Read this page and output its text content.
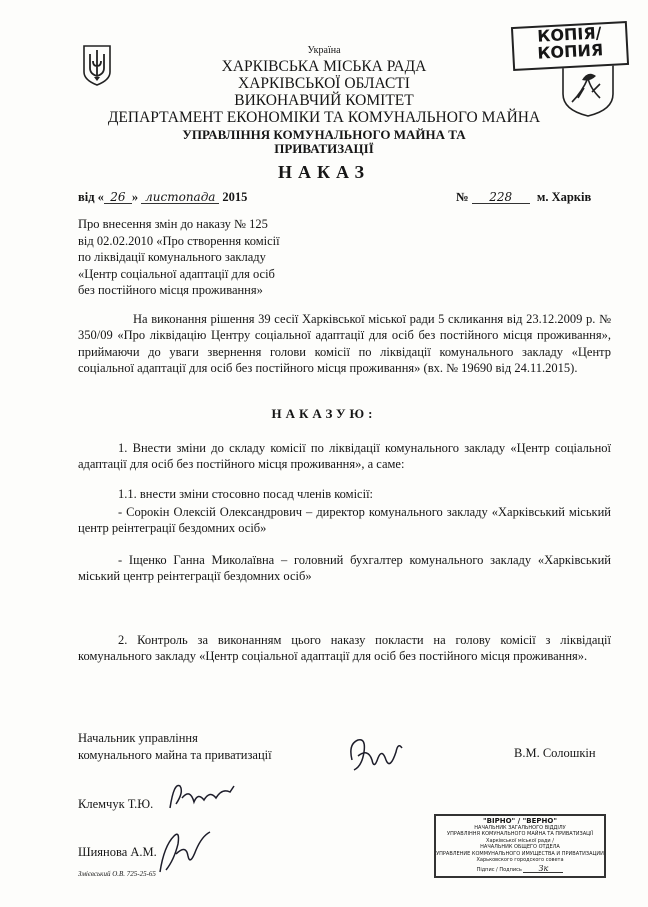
КОПІЯ/
КОПИЯ
Україна
ХАРКІВСЬКА МІСЬКА РАДА
ХАРКІВСЬКОЇ ОБЛАСТІ
ВИКОНАВЧИЙ КОМІТЕТ
ДЕПАРТАМЕНТ ЕКОНОМІКИ ТА КОМУНАЛЬНОГО МАЙНА
УПРАВЛІННЯ КОМУНАЛЬНОГО МАЙНА ТА
ПРИВАТИЗАЦІЇ
НАКАЗ
від « 26 » листопада 2015	№ 228 м. Харків
Про внесення змін до наказу № 125
від 02.02.2010 «Про створення комісії
по ліквідації комунального закладу
«Центр соціальної адаптації для осіб
без постійного місця проживання»
На виконання рішення 39 сесії Харківської міської ради 5 скликання від 23.12.2009 р. № 350/09 «Про ліквідацію Центру соціальної адаптації для осіб без постійного місця проживання», приймаючи до уваги звернення голови комісії по ліквідації комунального закладу «Центр соціальної адаптації для осіб без постійного місця проживання» (вх. № 19690 від 24.11.2015).
НАКАЗУЮ:
1. Внести зміни до складу комісії по ліквідації комунального закладу «Центр соціальної адаптації для осіб без постійного місця проживання», а саме:
1.1. внести зміни стосовно посад членів комісії:
- Сорокін Олексій Олександрович – директор комунального закладу «Харківський міський центр реінтеграції бездомних осіб»
- Іщенко Ганна Миколаївна – головний бухгалтер комунального закладу «Харківський міський центр реінтеграції бездомних осіб»
2. Контроль за виконанням цього наказу покласти на голову комісії з ліквідації комунального закладу «Центр соціальної адаптації для осіб без постійного місця проживання».
Начальник управління
комунального майна та приватизації	В.М. Солошкін
Клемчук Т.Ю.
Шиянова А.М.
Змієвський О.В. 725-25-65
"ВІРНО" / "ВЕРНО"
НАЧАЛЬНИК ЗАГАЛЬНОГО ВІДДІЛУ
УПРАВЛІННЯ КОМУНАЛЬНОГО МАЙНА ТА ПРИВАТИЗАЦІЇ
Харківської міської ради /
НАЧАЛЬНИК ОБЩЕГО ОТДЕЛА
УПРАВЛЕНИЕ КОММУНАЛЬНОГО ИМУЩЕСТВА И ПРИВАТИЗАЦИИ
Харьковского городского совета
Підпис / Подпись Зк
